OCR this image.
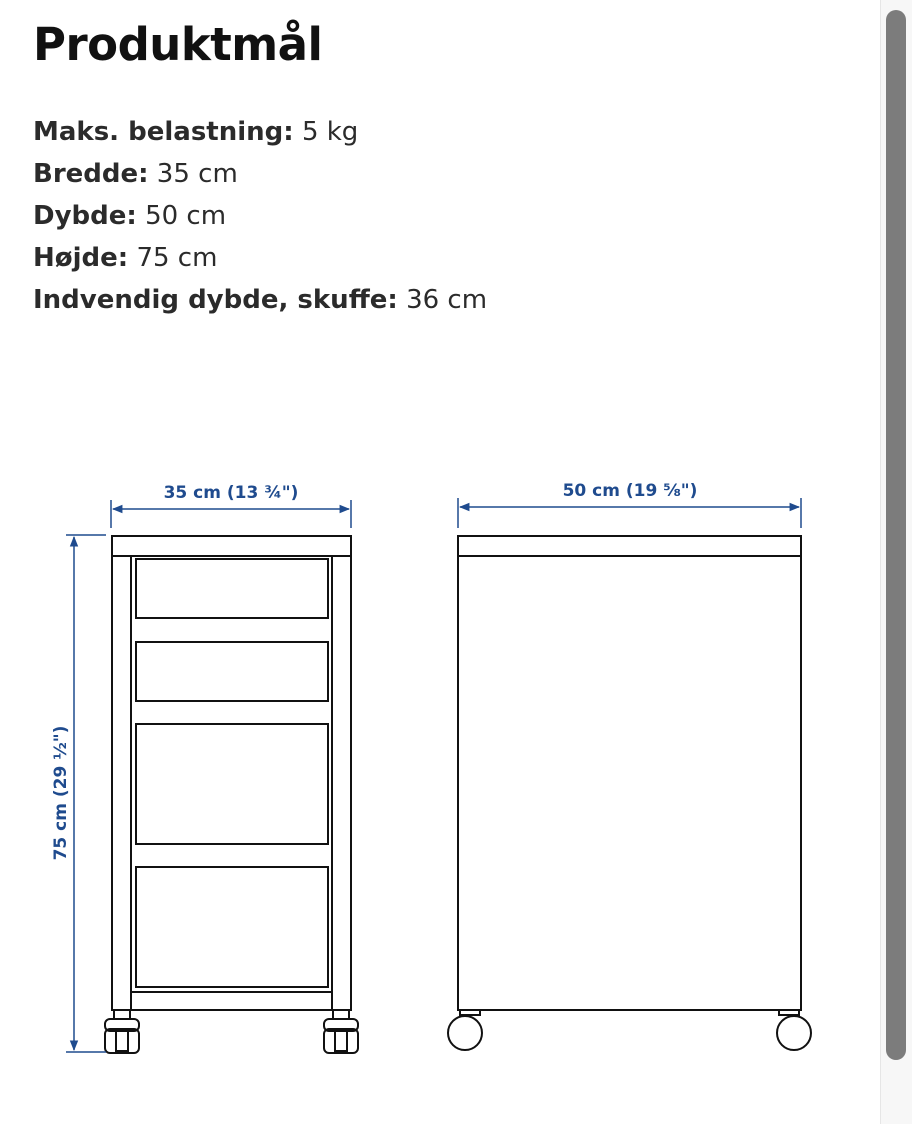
Produktmål
Maks. belastning: 5 kg
Bredde: 35 cm
Dybde: 50 cm
Højde: 75 cm
Indvendig dybde, skuffe: 36 cm
35 cm (13 ¾")
75 cm (29 ½")
50 cm (19 ⅝")
